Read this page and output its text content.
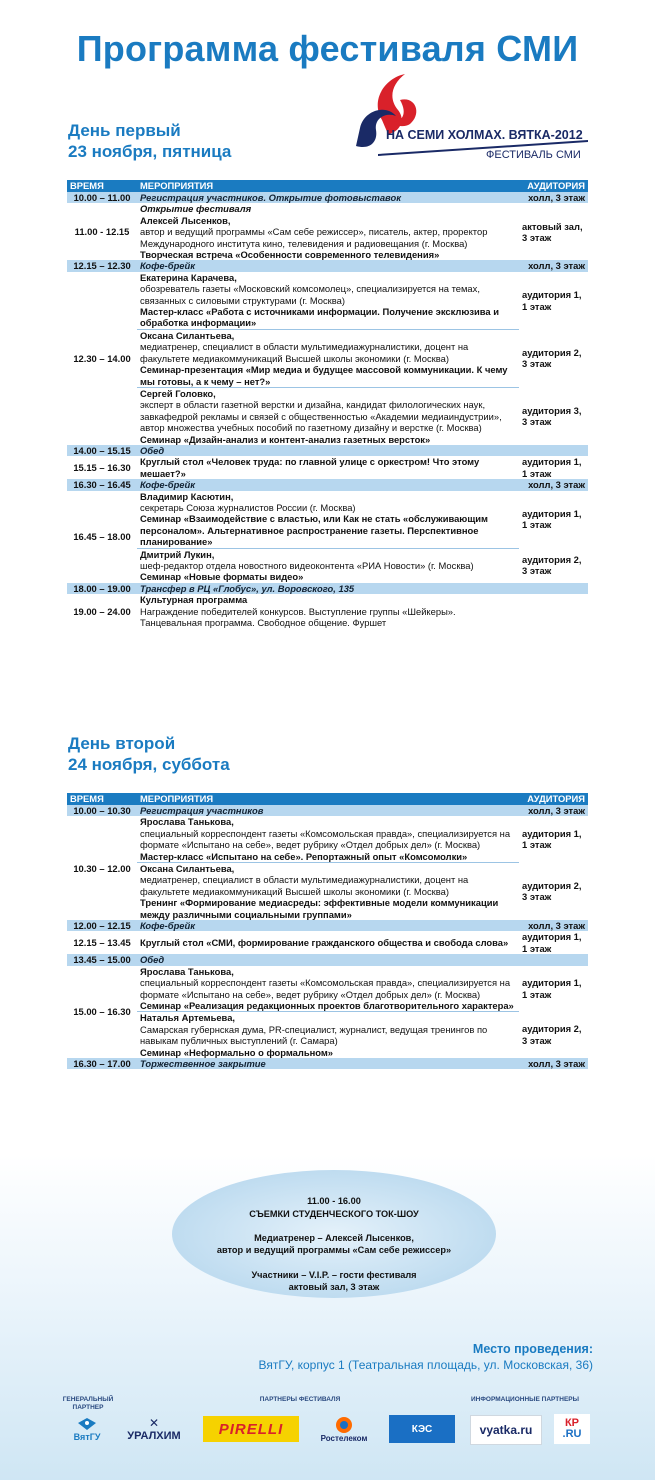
Программа фестиваля СМИ
НА СЕМИ ХОЛМАХ. ВЯТКА-2012
ФЕСТИВАЛЬ СМИ
День первый
23 ноября, пятница
ВРЕМЯ	МЕРОПРИЯТИЯ	АУДИТОРИЯ
10.00 – 11.00	Регистрация участников. Открытие фотовыставок	холл, 3 этаж
11.00 - 12.15	Открытие фестиваля
Алексей Лысенков,
автор и ведущий программы «Сам себе режиссер», писатель, актер, проректор Международного института кино, телевидения и радиовещания (г. Москва)
Творческая встреча «Особенности современного телевидения»	актовый зал, 3 этаж
12.15 – 12.30	Кофе-брейк	холл, 3 этаж
12.30 – 14.00	Екатерина Карачева,
обозреватель газеты «Московский комсомолец», специализируется на темах, связанных с силовыми структурами (г. Москва)
Мастер-класс «Работа с источниками информации. Получение эксклюзива и обработка информации»	аудитория 1, 1 этаж

	Оксана Силантьева,
медиатренер, специалист в области мультимедиажурналистики, доцент на факультете медиакоммуникаций Высшей школы экономики (г. Москва)
Семинар-презентация «Мир медиа и будущее массовой коммуникации. К чему мы готовы, а к чему – нет?»	аудитория 2, 3 этаж

	Сергей Головко,
эксперт в области газетной верстки и дизайна, кандидат филологических наук, завкафедрой рекламы и связей с общественностью «Академии медиаиндустрии», автор множества учебных пособий по газетному дизайну и верстке (г. Москва)
Семинар «Дизайн-анализ и контент-анализ газетных версток»	аудитория 3, 3 этаж
14.00 – 15.15	Обед	
15.15 – 16.30	Круглый стол «Человек труда: по главной улице с оркестром! Что этому мешает?»	аудитория 1, 1 этаж
16.30 – 16.45	Кофе-брейк	холл, 3 этаж
16.45 – 18.00	Владимир Касютин,
секретарь Союза журналистов России (г. Москва)
Семинар «Взаимодействие с властью, или Как не стать «обслуживающим персоналом». Альтернативное распространение газеты. Перспективное планирование»	аудитория 1, 1 этаж

	Дмитрий Лукин,
шеф-редактор отдела новостного видеоконтента «РИА Новости» (г. Москва)
Семинар «Новые форматы видео»	аудитория 2, 3 этаж
18.00 – 19.00	Трансфер в РЦ «Глобус», ул. Воровского, 135	
19.00 – 24.00	Культурная программа
Награждение победителей конкурсов. Выступление группы «Шейкеры». Танцевальная программа. Свободное общение. Фуршет	

День второй
24 ноября, суббота
ВРЕМЯ	МЕРОПРИЯТИЯ	АУДИТОРИЯ
10.00 – 10.30	Регистрация участников	холл, 3 этаж
10.30 – 12.00	Ярослава Танькова,
специальный корреспондент газеты «Комсомольская правда», специализируется на формате «Испытано на себе», ведет рубрику «Отдел добрых дел» (г. Москва)
Мастер-класс «Испытано на себе». Репортажный опыт «Комсомолки»	аудитория 1, 1 этаж

	Оксана Силантьева,
медиатренер, специалист в области мультимедиажурналистики, доцент на факультете медиакоммуникаций Высшей школы экономики (г. Москва)
Тренинг «Формирование медиасреды: эффективные модели коммуникации между различными социальными группами»	аудитория 2, 3 этаж
12.00 – 12.15	Кофе-брейк	холл, 3 этаж
12.15 – 13.45	Круглый стол «СМИ, формирование гражданского общества и свобода слова»	аудитория 1, 1 этаж
13.45 – 15.00	Обед	
15.00 – 16.30	Ярослава Танькова,
специальный корреспондент газеты «Комсомольская правда», специализируется на формате «Испытано на себе», ведет рубрику «Отдел добрых дел» (г. Москва)
Семинар «Реализация редакционных проектов благотворительного характера»	аудитория 1, 1 этаж

	Наталья Артемьева,
Самарская губернская дума, PR-специалист, журналист, ведущая тренингов по навыкам публичных выступлений (г. Самара)
Семинар «Неформально о формальном»	аудитория 2, 3 этаж
16.30 – 17.00	Торжественное закрытие	холл, 3 этаж
11.00 - 16.00
СЪЕМКИ СТУДЕНЧЕСКОГО ТОК-ШОУ
Медиатренер – Алексей Лысенков,
автор и ведущий программы «Сам себе режиссер»
Участники – V.I.P. – гости фестиваля
актовый зал, 3 этаж
Место проведения:
ВятГУ, корпус 1 (Театральная площадь, ул. Московская, 36)
ГЕНЕРАЛЬНЫЙ ПАРТНЕР
ПАРТНЕРЫ ФЕСТИВАЛЯ	ИНФОРМАЦИОННЫЕ ПАРТНЕРЫ
ВятГУ
✕
УРАЛХИМ	PIRELLI
Ростелеком
КЭС	vyatka.ru	КР
.RU
